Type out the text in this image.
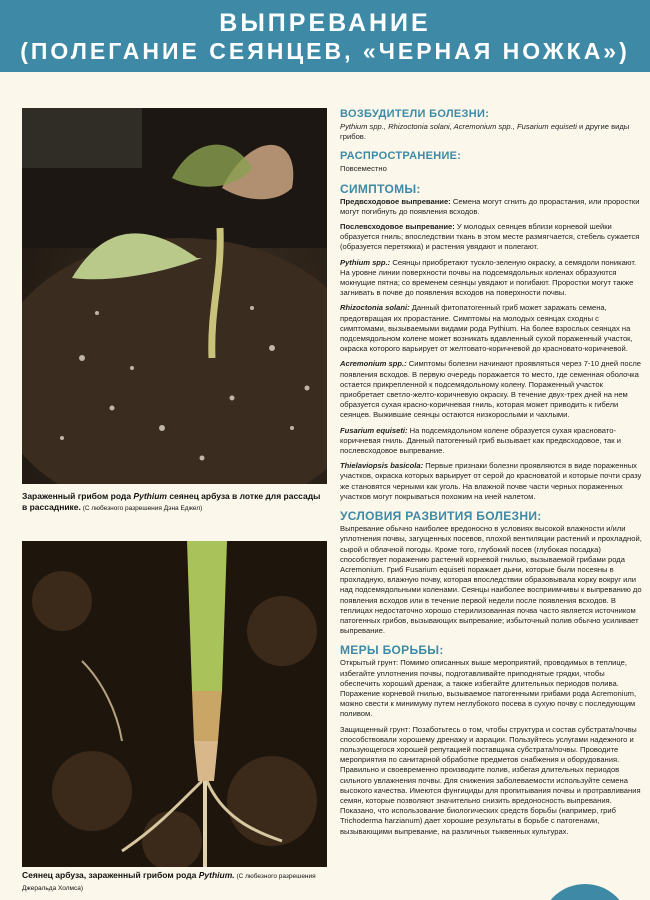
ВЫПРЕВАНИЕ
(ПОЛЕГАНИЕ СЕЯНЦЕВ, «ЧЕРНАЯ НОЖКА»)
Зараженный грибом рода Pythium сеянец арбуза в лотке для рассады в рассаднике. (С любезного разрешения Дэна Еджел)
Сеянец арбуза, зараженный грибом рода Pythium. (С любезного разрешения Джеральда Холмса)
ВОЗБУДИТЕЛИ БОЛЕЗНИ:
Pythium spp., Rhizoctonia solani, Acremonium spp., Fusarium equiseti и другие виды грибов.
РАСПРОСТРАНЕНИЕ:
Повсеместно
СИМПТОМЫ:
Предвсходовое выпревание: Семена могут сгнить до прорастания, или проростки могут погибнуть до появления всходов.
Послевсходовое выпревание: У молодых сеянцев вблизи корневой шейки образуется гниль; впоследствии ткань в этом месте размягчается, стебель сужается (образуется перетяжка) и растения увядают и полегают.
Pythium spp.: Сеянцы приобретают тускло-зеленую окраску, а семядоли поникают. На уровне линии поверхности почвы на подсемядольных коленах образуются мокнущие пятна; со временем сеянцы увядают и погибают. Проростки могут также загнивать в почве до появления всходов на поверхности почвы.
Rhizoctonia solani: Данный фитопатогенный гриб может заражать семена, предотвращая их прорастание. Симптомы на молодых сеянцах сходны с симптомами, вызываемыми видами рода Pythium. На более взрослых сеянцах на подсемядольном колене может возникать вдавленный сухой пораженный участок, окраска которого варьирует от желтовато-коричневой до красновато-коричневой.
Acremonium spp.: Симптомы болезни начинают проявляться через 7-10 дней после появления всходов. В первую очередь поражается то место, где семенная оболочка остается прикрепленной к подсемядольному колену. Пораженный участок приобретает светло-желто-коричневую окраску. В течение двух-трех дней на нем образуется сухая красно-коричневая гниль, которая может приводить к гибели сеянцев. Выжившие сеянцы остаются низкорослыми и чахлыми.
Fusarium equiseti: На подсемядольном колене образуется сухая красновато-коричневая гниль. Данный патогенный гриб вызывает как предвсходовое, так и послевсходовое выпревание.
Thielaviopsis basicola: Первые признаки болезни проявляются в виде пораженных участков, окраска которых варьирует от серой до красноватой и которые почти сразу же становятся черными как уголь. На влажной почве части черных пораженных участков могут покрываться похожим на иней налетом.
УСЛОВИЯ РАЗВИТИЯ БОЛЕЗНИ:
Выпревание обычно наиболее вредоносно в условиях высокой влажности и/или уплотнения почвы, загущенных посевов, плохой вентиляции растений и прохладной, сырой и облачной погоды. Кроме того, глубокий посев (глубокая посадка) способствует поражению растений корневой гнилью, вызываемой грибами рода Acremonium. Гриб Fusarium equiseti поражает дыни, которые были посеяны в прохладную, влажную почву, которая впоследствии образовывала корку вокруг или над подсемядольными коленами. Сеянцы наиболее восприимчивы к выпреванию до появления всходов или в течение первой недели после появления всходов. В теплицах недостаточно хорошо стерилизованная почва часто является источником патогенных грибов, вызывающих выпревание; избыточный полив обычно усиливает выпревание.
МЕРЫ БОРЬБЫ:
Открытый грунт: Помимо описанных выше мероприятий, проводимых в теплице, избегайте уплотнения почвы, подготавливайте приподнятые грядки, чтобы обеспечить хороший дренаж, а также избегайте длительных периодов полива. Поражение корневой гнилью, вызываемое патогенными грибами рода Acremonium, можно свести к минимуму путем неглубокого посева в сухую почву с последующим поливом.
Защищенный грунт: Позаботьтесь о том, чтобы структура и состав субстрата/почвы способствовали хорошему дренажу и аэрации. Пользуйтесь услугами надежного и пользующегося хорошей репутацией поставщика субстрата/почвы. Проводите мероприятия по санитарной обработке предметов снабжения и оборудования. Правильно и своевременно производите полив, избегая длительных периодов сильного увлажнения почвы. Для снижения заболеваемости используйте семена высокого качества. Имеются фунгициды для пропитывания почвы и протравливания семян, которые позволяют значительно снизить вредоносность выпревания. Показано, что использование биологических средств борьбы (например, гриб Trichoderma harzianum) дает хорошие результаты в борьбе с патогенами, вызывающими выпревание, на различных тыквенных культурах.
